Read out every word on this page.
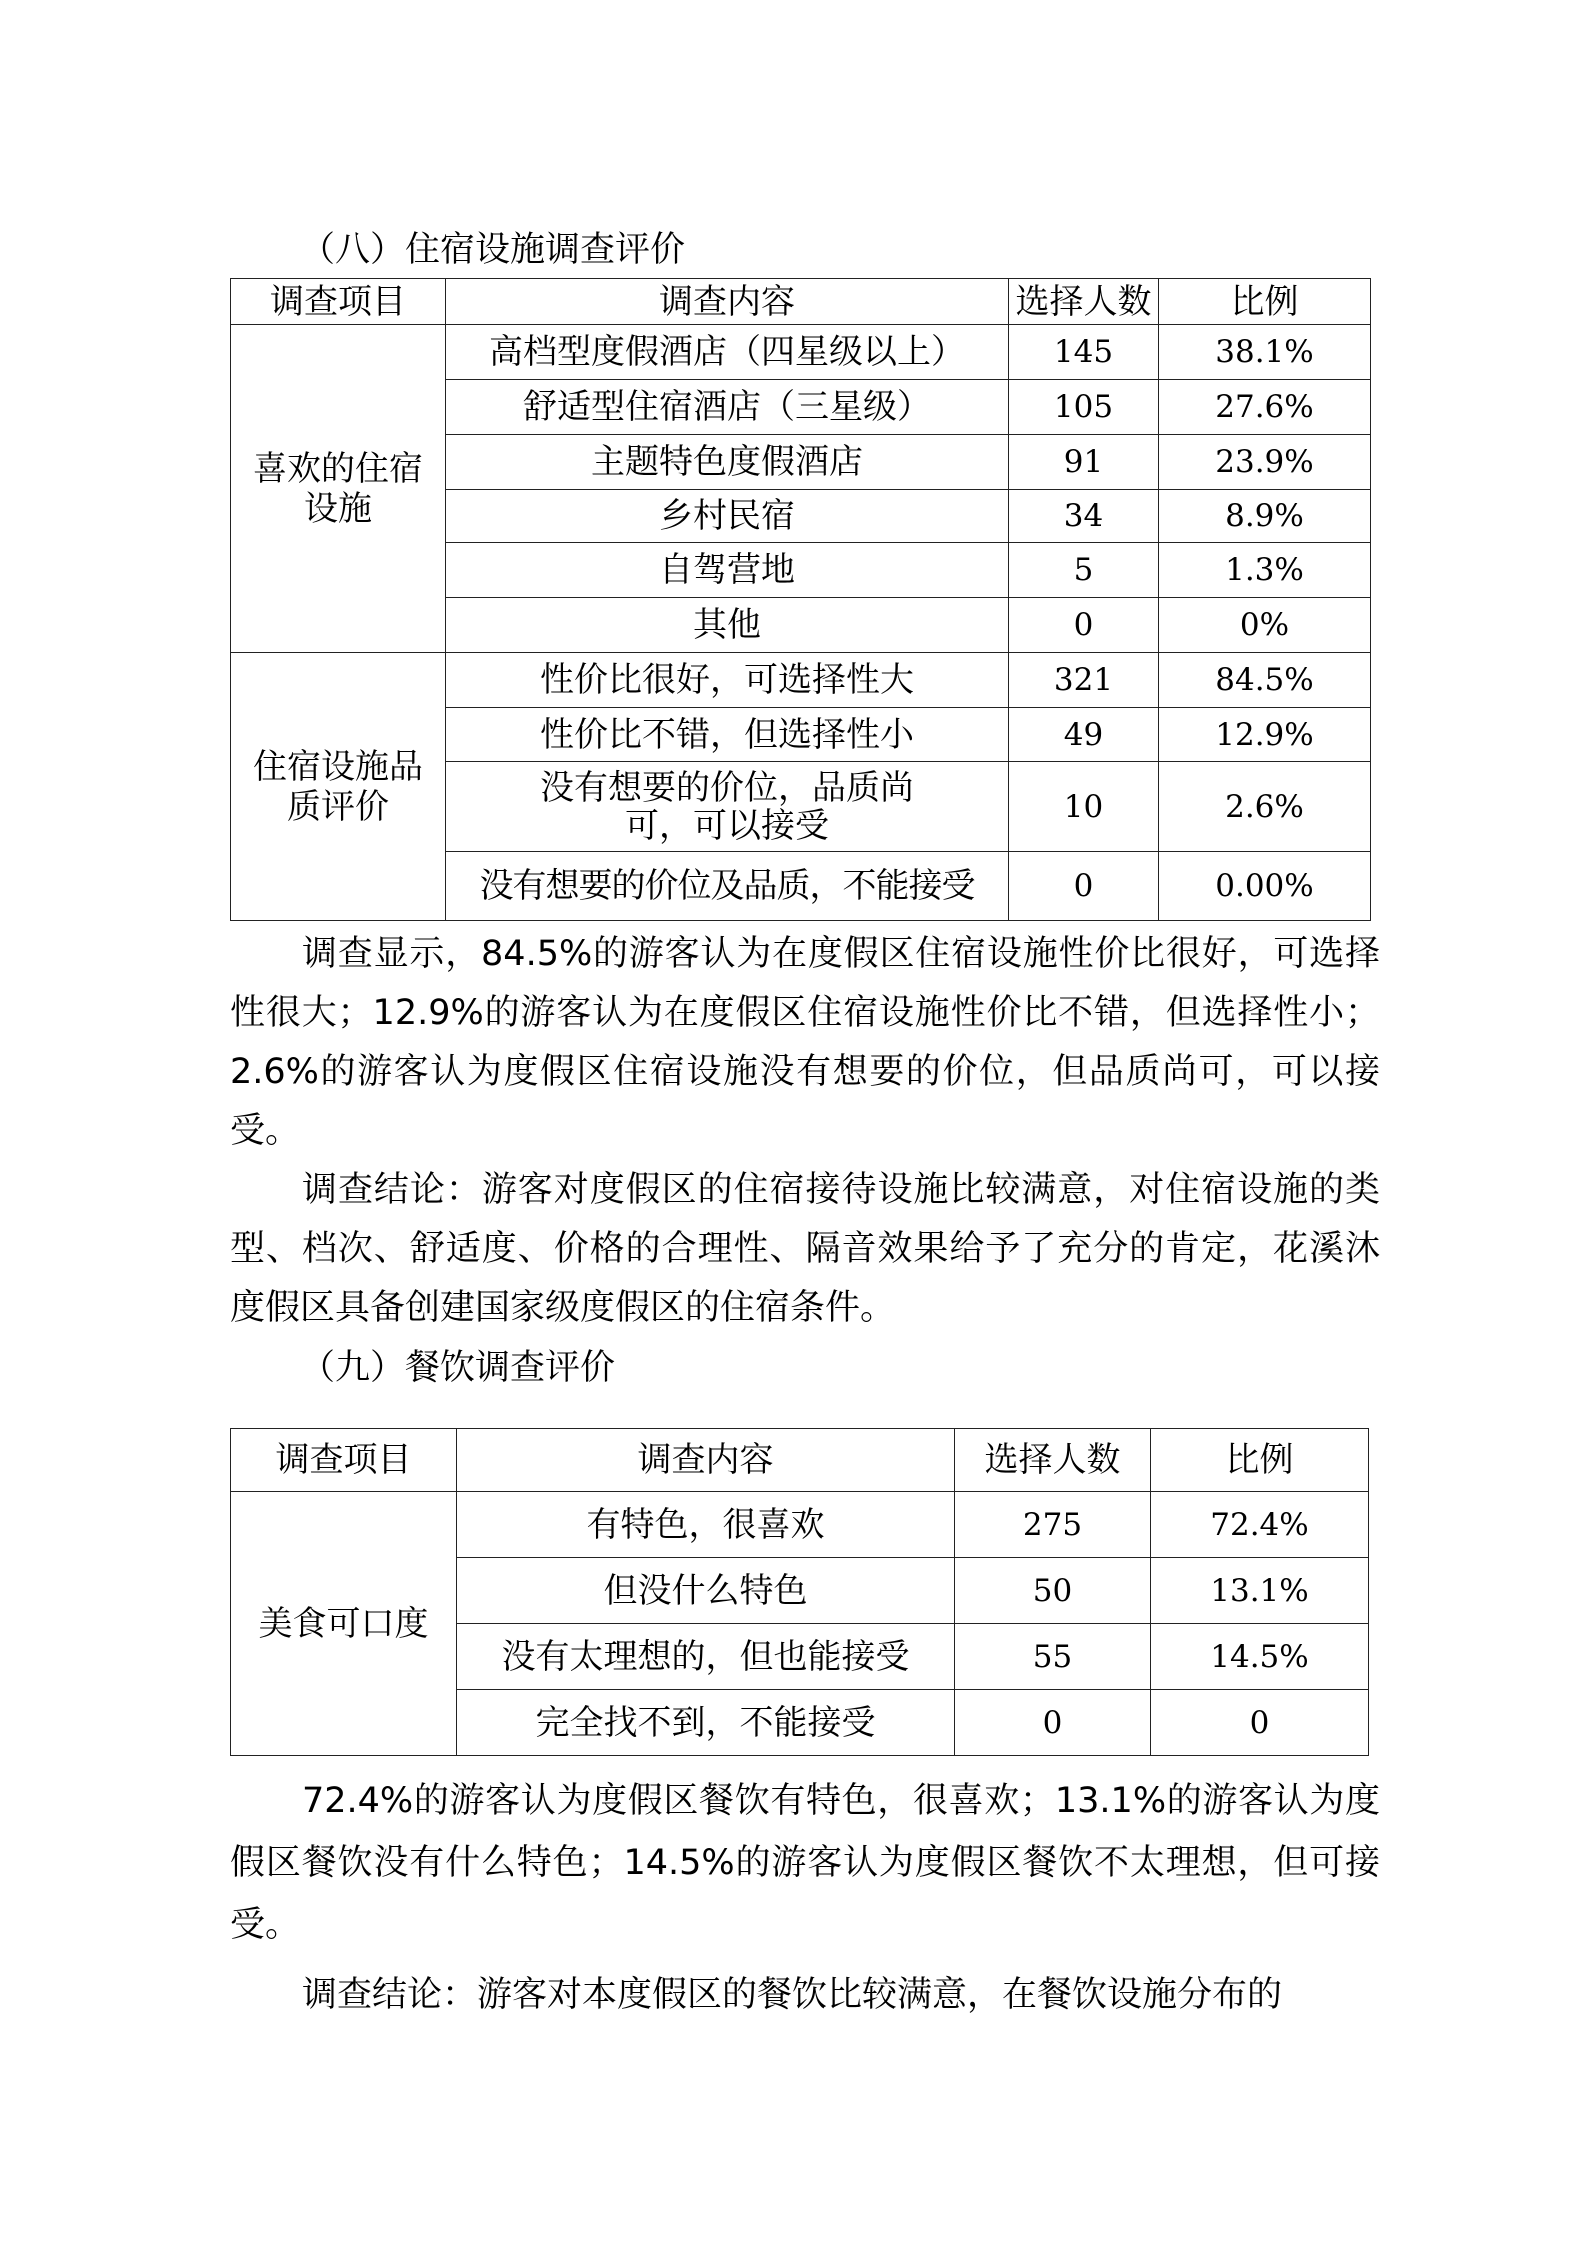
（八）住宿设施调查评价
调查项目	调查内容	选择人数	比例

喜欢的住宿设施	高档型度假酒店（四星级以上）	145	38.1%
	舒适型住宿酒店（三星级）	105	27.6%
	主题特色度假酒店	91	23.9%
	乡村民宿	34	8.9%
	自驾营地	5	1.3%
	其他	0	0%

住宿设施品质评价	性价比很好，可选择性大	321	84.5%
	性价比不错，但选择性小	49	12.9%

	没有想要的价位，品质尚可，可以接受	10	2.6%
	没有想要的价位及品质，不能接受	0	0.00%

调查显示，84.5%的游客认为在度假区住宿设施性价比很好，可选择性很大；12.9%的游客认为在度假区住宿设施性价比不错，但选择性小；2.6%的游客认为度假区住宿设施没有想要的价位，但品质尚可，可以接受。

调查结论：游客对度假区的住宿接待设施比较满意，对住宿设施的类型、档次、舒适度、价格的合理性、隔音效果给予了充分的肯定，花溪沐度假区具备创建国家级度假区的住宿条件。

（九）餐饮调查评价
调查项目	调查内容	选择人数	比例
美食可口度	有特色，很喜欢	275	72.4%
	但没什么特色	50	13.1%
	没有太理想的，但也能接受	55	14.5%
	完全找不到，不能接受	0	0

72.4%的游客认为度假区餐饮有特色，很喜欢；13.1%的游客认为度假区餐饮没有什么特色；14.5%的游客认为度假区餐饮不太理想，但可接受。

调查结论：游客对本度假区的餐饮比较满意，在餐饮设施分布的
